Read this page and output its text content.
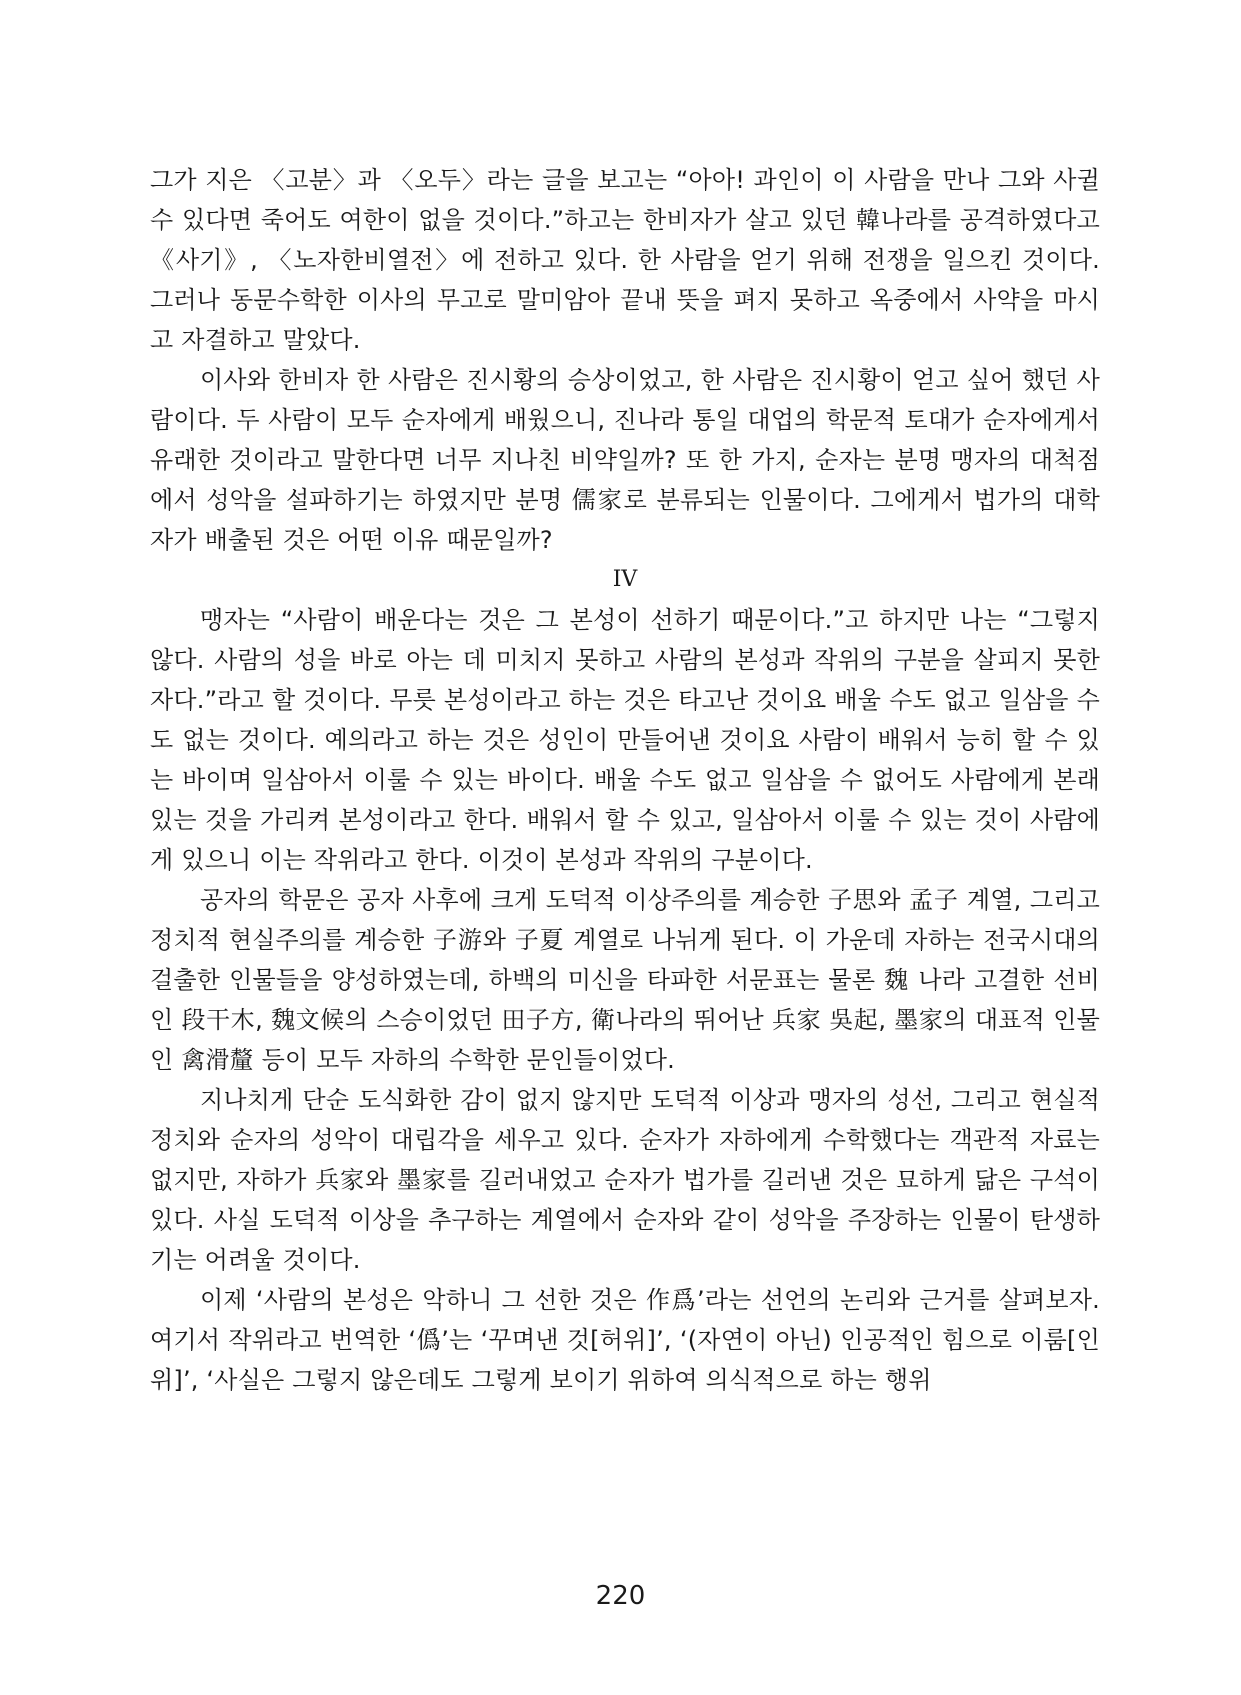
그가 지은 〈고분〉과 〈오두〉라는 글을 보고는 “아아! 과인이 이 사람을 만나 그와 사귈 수 있다면 죽어도 여한이 없을 것이다.”하고는 한비자가 살고 있던 韓나라를 공격하였다고 《사기》, 〈노자한비열전〉에 전하고 있다. 한 사람을 얻기 위해 전쟁을 일으킨 것이다. 그러나 동문수학한 이사의 무고로 말미암아 끝내 뜻을 펴지 못하고 옥중에서 사약을 마시고 자결하고 말았다.

이사와 한비자 한 사람은 진시황의 승상이었고, 한 사람은 진시황이 얻고 싶어 했던 사람이다. 두 사람이 모두 순자에게 배웠으니, 진나라 통일 대업의 학문적 토대가 순자에게서 유래한 것이라고 말한다면 너무 지나친 비약일까? 또 한 가지, 순자는 분명 맹자의 대척점에서 성악을 설파하기는 하였지만 분명 儒家로 분류되는 인물이다. 그에게서 법가의 대학자가 배출된 것은 어떤 이유 때문일까?

IV

맹자는 “사람이 배운다는 것은 그 본성이 선하기 때문이다.”고 하지만 나는 “그렇지 않다. 사람의 성을 바로 아는 데 미치지 못하고 사람의 본성과 작위의 구분을 살피지 못한 자다.”라고 할 것이다. 무릇 본성이라고 하는 것은 타고난 것이요 배울 수도 없고 일삼을 수도 없는 것이다. 예의라고 하는 것은 성인이 만들어낸 것이요 사람이 배워서 능히 할 수 있는 바이며 일삼아서 이룰 수 있는 바이다. 배울 수도 없고 일삼을 수 없어도 사람에게 본래 있는 것을 가리켜 본성이라고 한다. 배워서 할 수 있고, 일삼아서 이룰 수 있는 것이 사람에게 있으니 이는 작위라고 한다. 이것이 본성과 작위의 구분이다.

공자의 학문은 공자 사후에 크게 도덕적 이상주의를 계승한 子思와 孟子 계열, 그리고 정치적 현실주의를 계승한 子游와 子夏 계열로 나뉘게 된다. 이 가운데 자하는 전국시대의 걸출한 인물들을 양성하였는데, 하백의 미신을 타파한 서문표는 물론 魏 나라 고결한 선비인 段干木, 魏文候의 스승이었던 田子方, 衛나라의 뛰어난 兵家 吳起, 墨家의 대표적 인물인 禽滑釐 등이 모두 자하의 수학한 문인들이었다.

지나치게 단순 도식화한 감이 없지 않지만 도덕적 이상과 맹자의 성선, 그리고 현실적 정치와 순자의 성악이 대립각을 세우고 있다. 순자가 자하에게 수학했다는 객관적 자료는 없지만, 자하가 兵家와 墨家를 길러내었고 순자가 법가를 길러낸 것은 묘하게 닮은 구석이 있다. 사실 도덕적 이상을 추구하는 계열에서 순자와 같이 성악을 주장하는 인물이 탄생하기는 어려울 것이다.

이제 ‘사람의 본성은 악하니 그 선한 것은 作爲’라는 선언의 논리와 근거를 살펴보자. 여기서 작위라고 번역한 ‘僞’는 ‘꾸며낸 것[허위]’, ‘(자연이 아닌) 인공적인 힘으로 이룸[인위]’, ‘사실은 그렇지 않은데도 그렇게 보이기 위하여 의식적으로 하는 행위

220
